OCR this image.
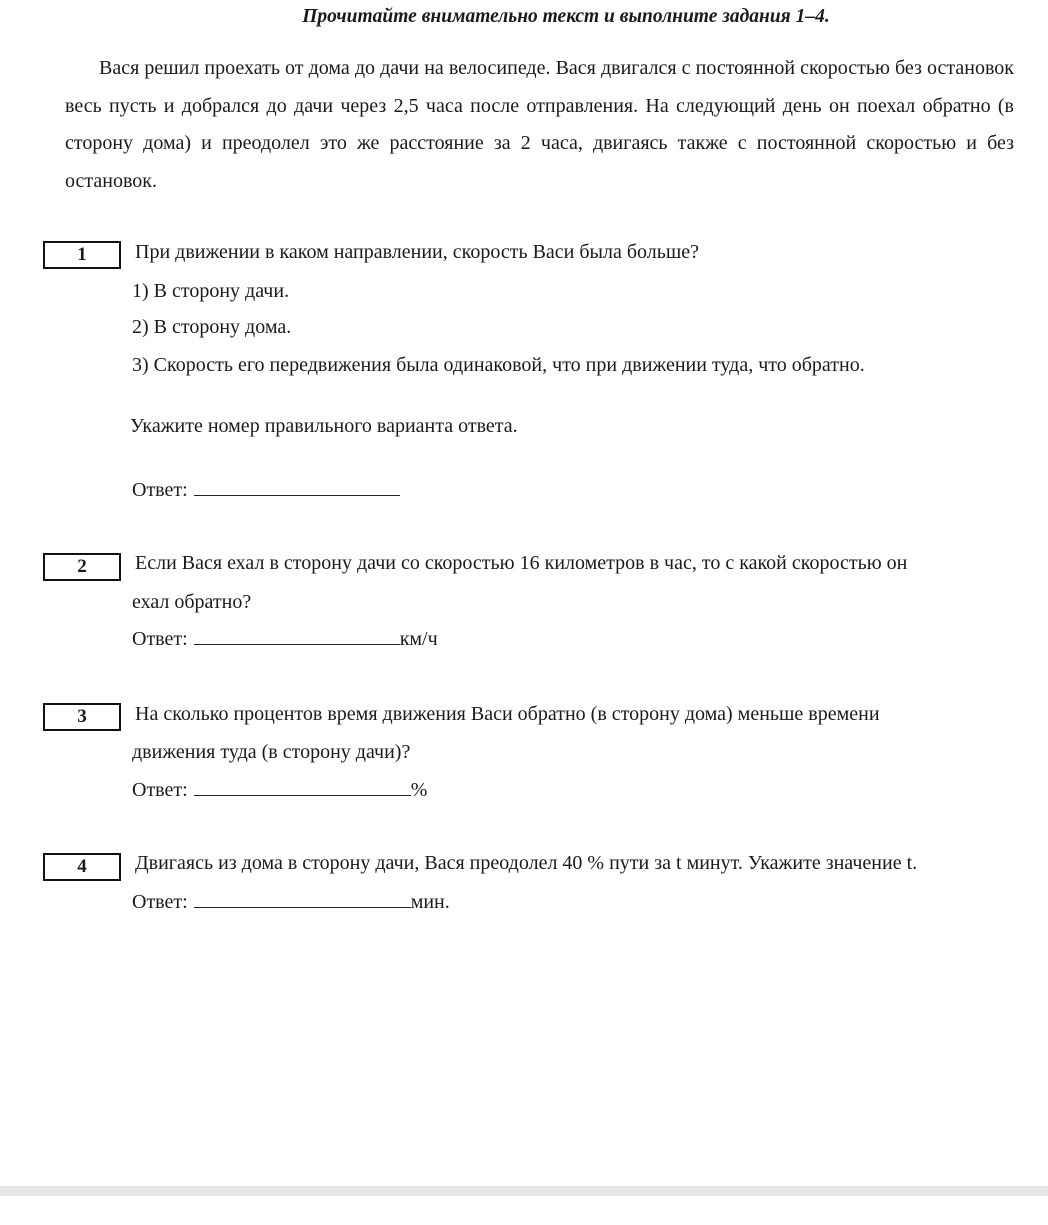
Прочитайте внимательно текст и выполните задания 1–4.
Вася решил проехать от дома до дачи на велосипеде. Вася двигался с постоянной скоростью без остановок весь пусть и добрался до дачи через 2,5 часа после отправления. На следующий день он поехал обратно (в сторону дома) и преодолел это же расстояние за 2 часа, двигаясь также с постоянной скоростью и без остановок.
1	При движении в каком направлении, скорость Васи была больше?
1) В сторону дачи.
2) В сторону дома.
3) Скорость его передвижения была одинаковой, что при движении туда, что обратно.
Укажите номер правильного варианта ответа.
Ответ:
2	Если Вася ехал в сторону дачи со скоростью 16 километров в час, то с какой скоростью он
ехал обратно?
Ответ:	км/ч
3	На сколько процентов время движения Васи обратно (в сторону дома) меньше времени
движения туда (в сторону дачи)?
Ответ:	%
4	Двигаясь из дома в сторону дачи, Вася преодолел 40 % пути за t минут. Укажите значение t.
Ответ:	мин.
